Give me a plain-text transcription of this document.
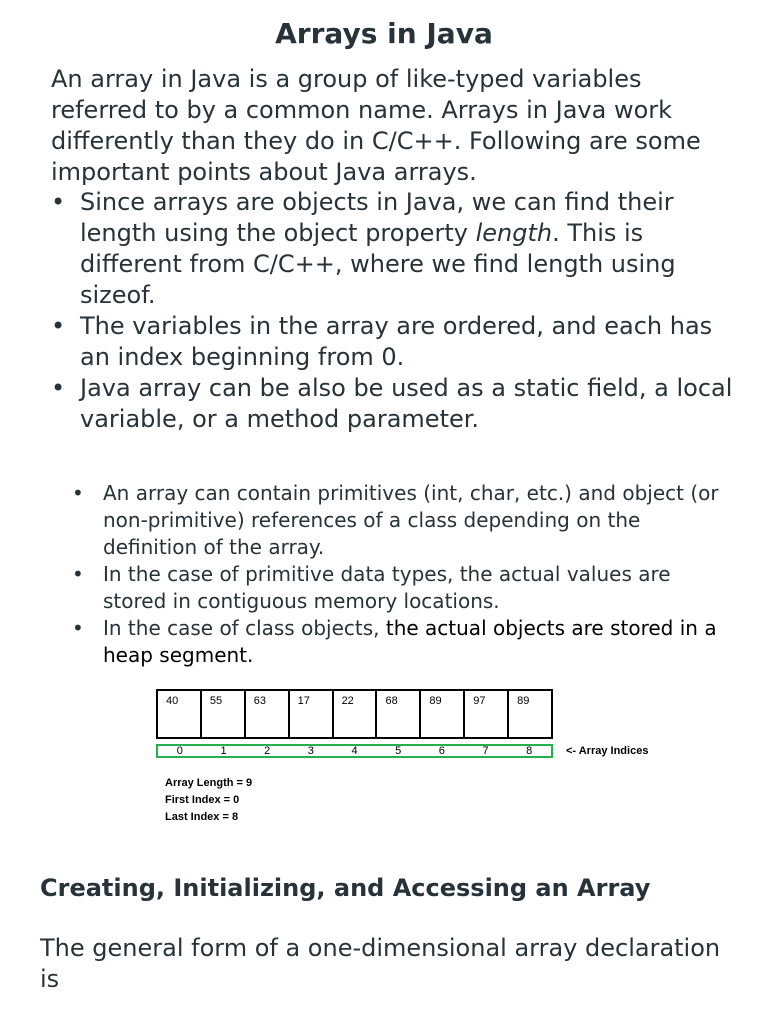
Arrays in Java

An array in Java is a group of like-typed variables referred to by a common name. Arrays in Java work differently than they do in C/C++. Following are some important points about Java arrays.

• Since arrays are objects in Java, we can find their length using the object property length. This is different from C/C++, where we find length using sizeof.
• The variables in the array are ordered, and each has an index beginning from 0.
• Java array can be also be used as a static field, a local variable, or a method parameter.
• An array can contain primitives (int, char, etc.) and object (or non-primitive) references of a class depending on the definition of the array.
• In the case of primitive data types, the actual values are stored in contiguous memory locations.
• In the case of class objects, the actual objects are stored in a heap segment.
40	55	63	17	22	68	89	97	89
0	1	2	3	4	5	6	7	8	<- Array Indices
Array Length = 9
First Index = 0
Last Index = 8
Creating, Initializing, and Accessing an Array

The general form of a one-dimensional array declaration is
